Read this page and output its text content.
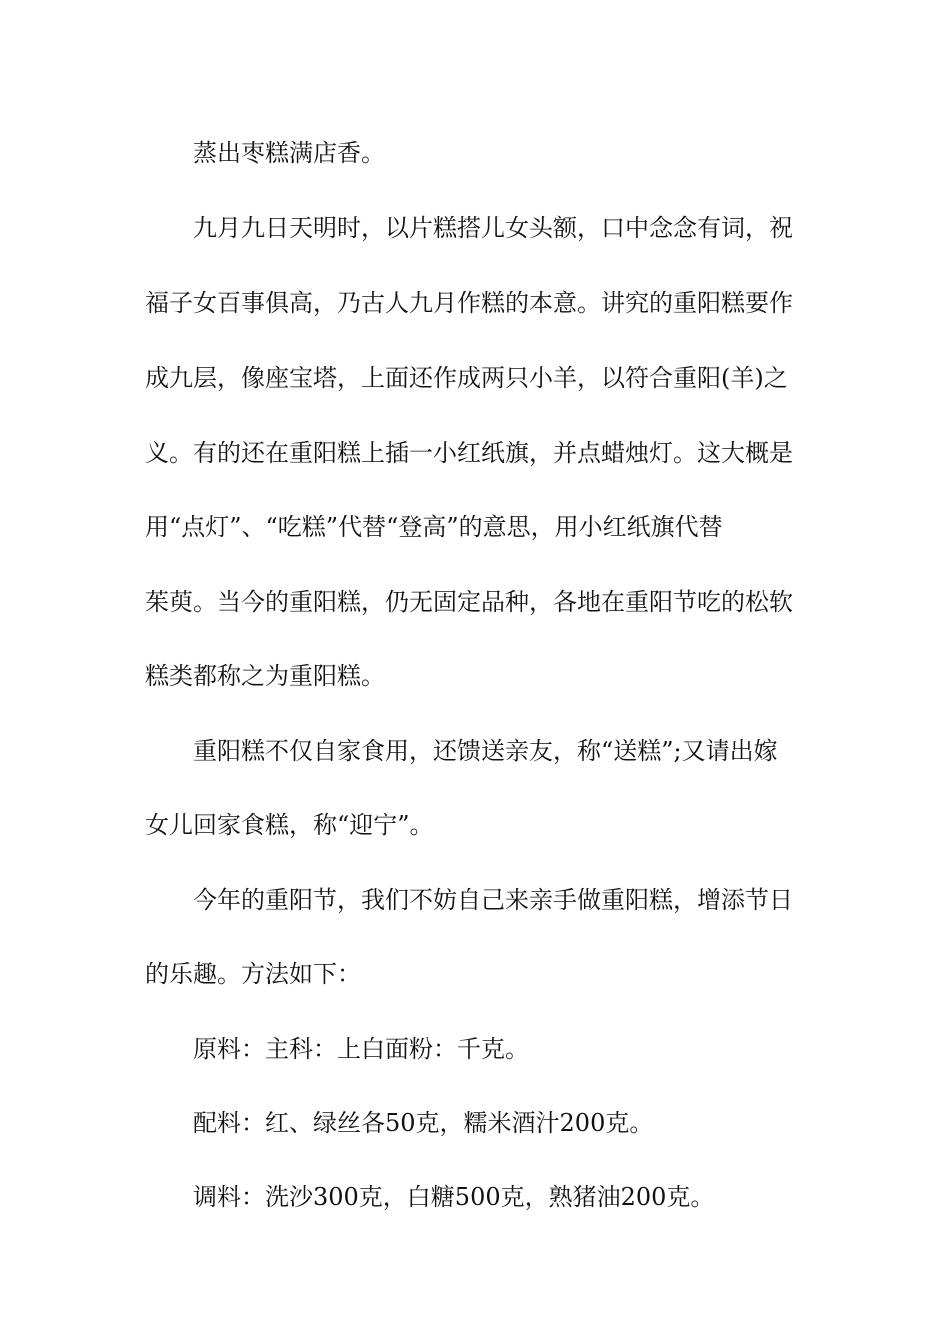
蒸出枣糕满店香。
九月九日天明时，以片糕搭儿女头额，口中念念有词，祝
福子女百事俱高，乃古人九月作糕的本意。讲究的重阳糕要作
成九层，像座宝塔，上面还作成两只小羊，以符合重阳(羊)之
义。有的还在重阳糕上插一小红纸旗，并点蜡烛灯。这大概是
用“点灯”、“吃糕”代替“登高”的意思，用小红纸旗代替
茱萸。当今的重阳糕，仍无固定品种，各地在重阳节吃的松软
糕类都称之为重阳糕。
重阳糕不仅自家食用，还馈送亲友，称“送糕”;又请出嫁
女儿回家食糕，称“迎宁”。
今年的重阳节，我们不妨自己来亲手做重阳糕，增添节日
的乐趣。方法如下：
原料：主科：上白面粉：千克。
配料：红、绿丝各50克，糯米酒汁200克。
调料：洗沙300克，白糖500克，熟猪油200克。
